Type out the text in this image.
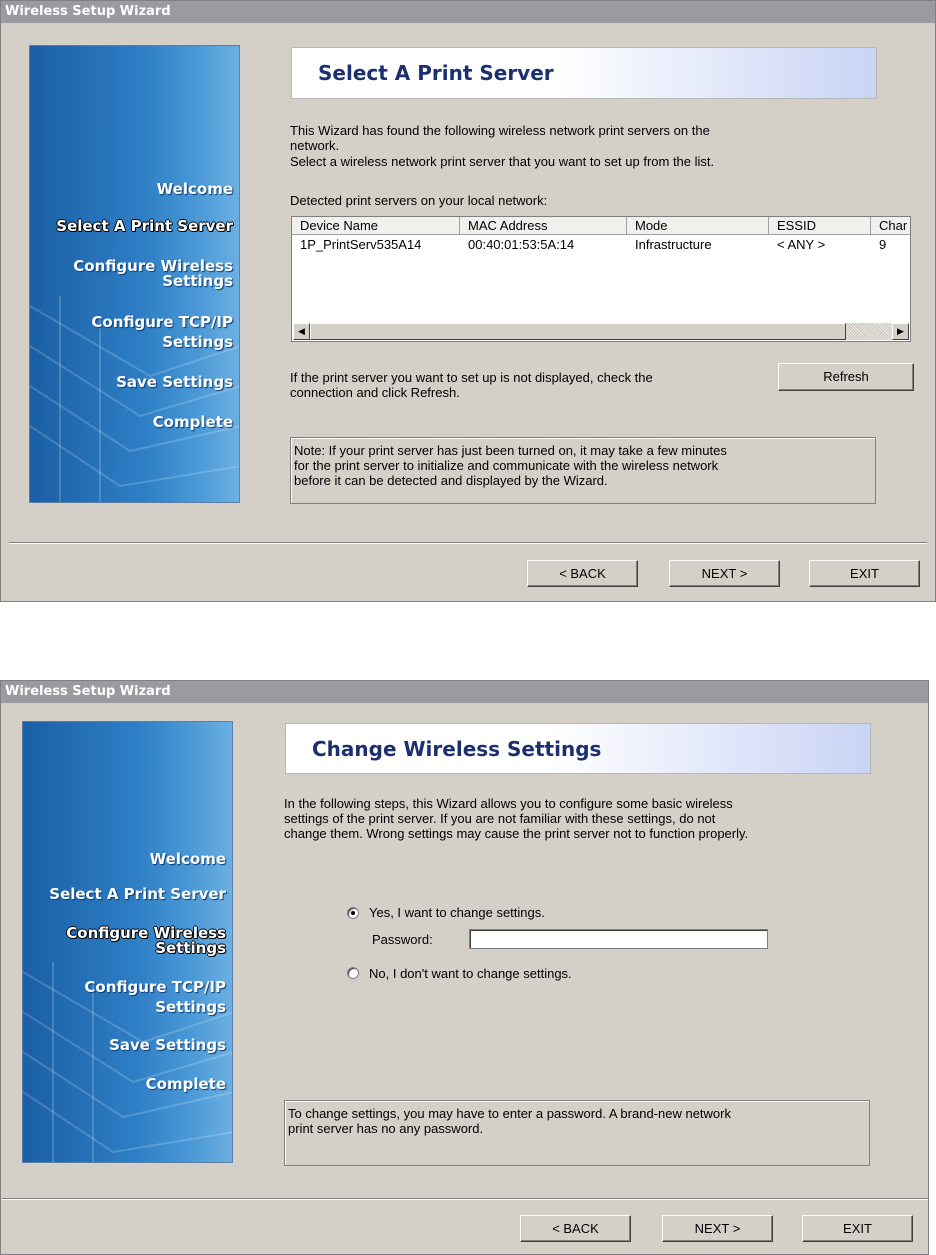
Wireless Setup Wizard
Welcome
Select A Print Server
Configure Wireless
Settings
Configure TCP/IP
Settings
Save Settings
Complete
Select A Print Server
This Wizard has found the following wireless network print servers on the
network.
Select a wireless network print server that you want to set up from the list.
Detected print servers on your local network:
Device Name	MAC Address	Mode	ESSID	Char
1P_PrintServ535A14	00:40:01:53:5A:14	Infrastructure	< ANY >	9
◀	▶
If the print server you want to set up is not displayed, check the
connection and click Refresh.
Refresh
Note: If your print server has just been turned on, it may take a few minutes
for the print server to initialize and communicate with the wireless network
before it can be detected and displayed by the Wizard.
< BACK	NEXT >	EXIT
Wireless Setup Wizard
Welcome
Select A Print Server
Configure Wireless
Settings
Configure TCP/IP
Settings
Save Settings
Complete
Change Wireless Settings
In the following steps, this Wizard allows you to configure some basic wireless
settings of the print server. If you are not familiar with these settings, do not
change them. Wrong settings may cause the print server not to function properly.
Yes, I want to change settings.
Password:
No, I don't want to change settings.
To change settings, you may have to enter a password. A brand-new network
print server has no any password.
< BACK	NEXT >	EXIT
